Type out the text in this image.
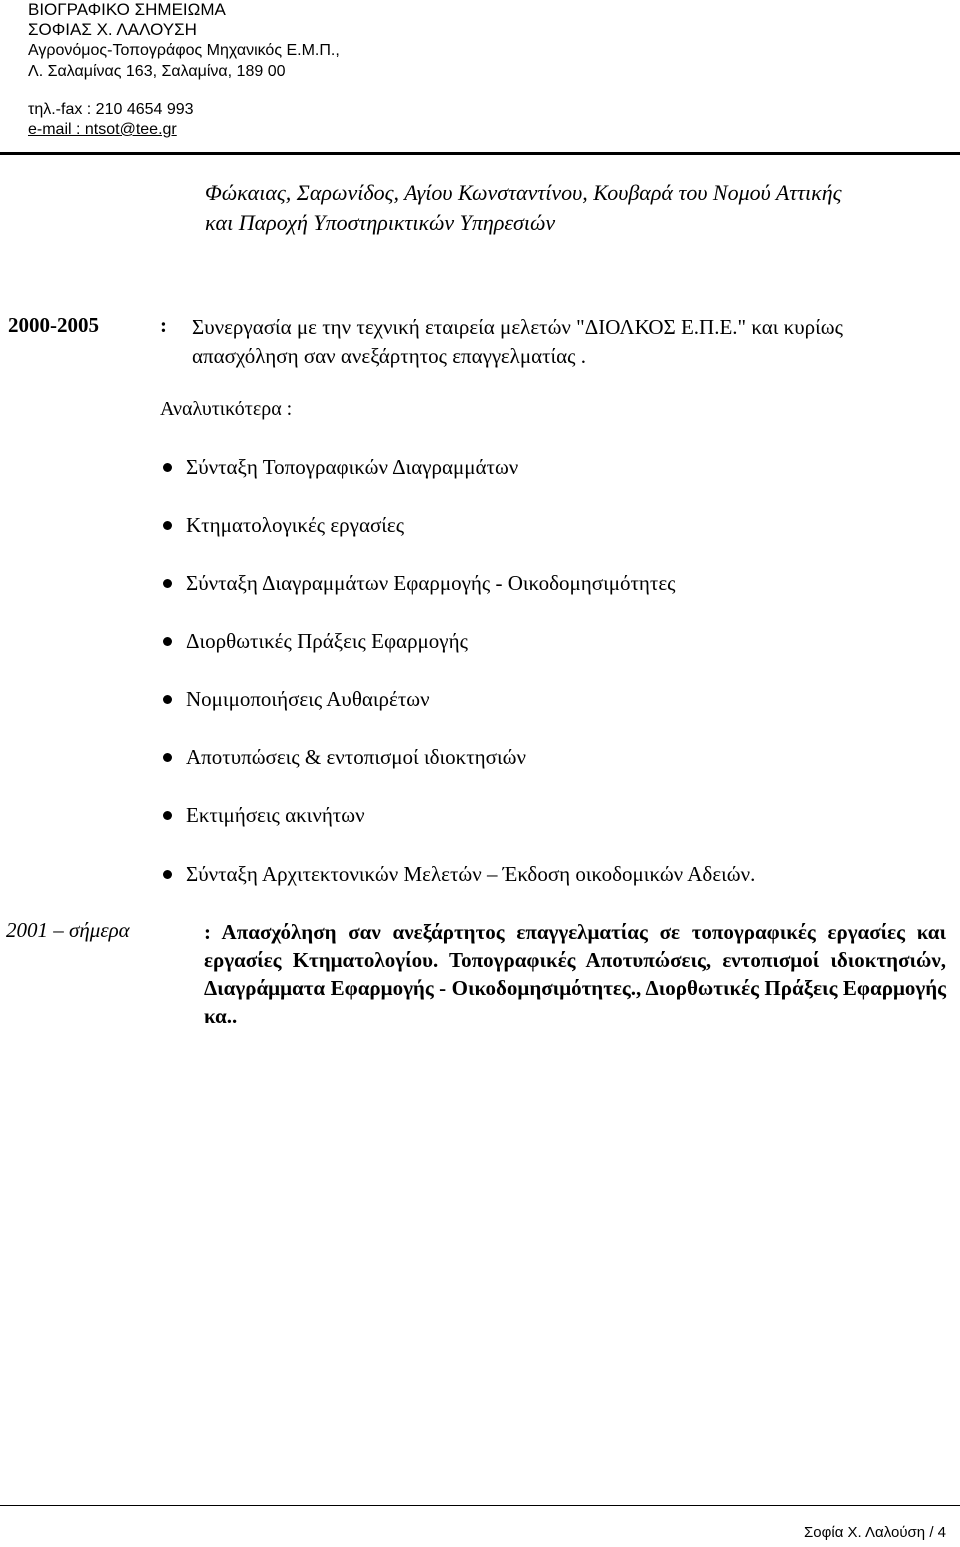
ΒΙΟΓΡΑΦΙΚΟ ΣΗΜΕΙΩΜΑ
ΣΟΦΙΑΣ Χ. ΛΑΛΟΥΣΗ
Αγρονόμος-Τοπογράφος Μηχανικός Ε.Μ.Π.,
Λ. Σαλαμίνας 163, Σαλαμίνα, 189 00
τηλ.-fax : 210 4654 993
e-mail : ntsot@tee.gr
Φώκαιας, Σαρωνίδος, Αγίου Κωνσταντίνου, Κουβαρά του Νομού Αττικής
και Παροχή Υποστηρικτικών Υπηρεσιών
2000-2005	: Συνεργασία με την τεχνική εταιρεία μελετών "ΔΙΟΛΚΟΣ Ε.Π.Ε." και κυρίως απασχόληση σαν ανεξάρτητος επαγγελματίας .
Αναλυτικότερα :
Σύνταξη Τοπογραφικών Διαγραμμάτων
Κτηματολογικές εργασίες
Σύνταξη Διαγραμμάτων Εφαρμογής - Οικοδομησιμότητες
Διορθωτικές Πράξεις Εφαρμογής
Νομιμοποιήσεις Αυθαιρέτων
Αποτυπώσεις & εντοπισμοί ιδιοκτησιών
Εκτιμήσεις ακινήτων
Σύνταξη Αρχιτεκτονικών Μελετών – Έκδοση οικοδομικών Αδειών.
2001 – σήμερα	: Απασχόληση σαν ανεξάρτητος επαγγελματίας σε τοπογραφικές εργασίες και εργασίες Κτηματολογίου. Τοπογραφικές Αποτυπώσεις, εντοπισμοί ιδιοκτησιών, Διαγράμματα Εφαρμογής - Οικοδομησιμότητες., Διορθωτικές Πράξεις Εφαρμογής κα..
Σοφία Χ. Λαλούση / 4
